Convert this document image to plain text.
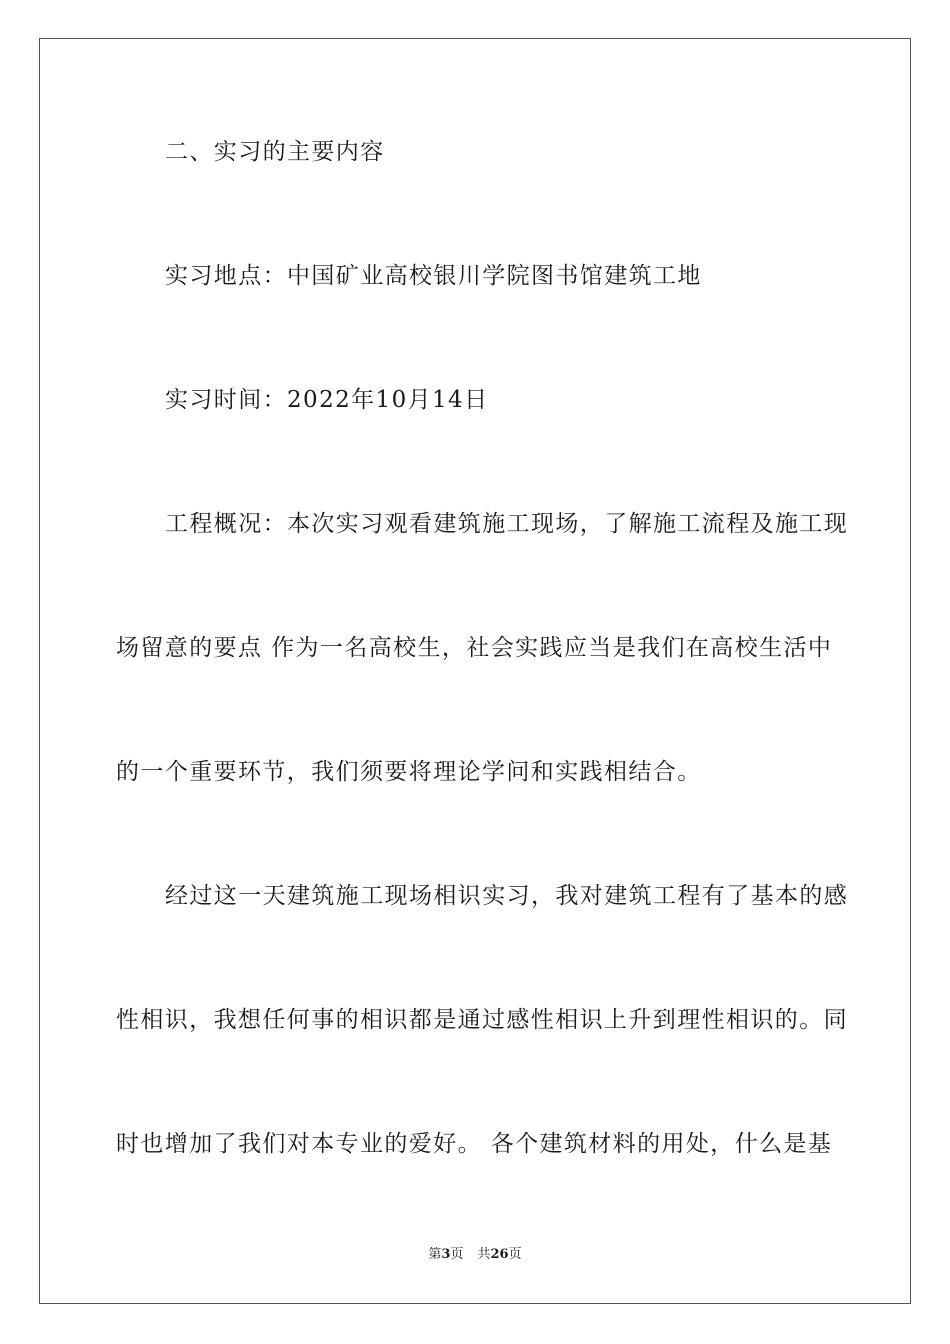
二、实习的主要内容
实习地点：中国矿业高校银川学院图书馆建筑工地
实习时间：2022年10月14日
工程概况：本次实习观看建筑施工现场，了解施工流程及施工现
场留意的要点 作为一名高校生，社会实践应当是我们在高校生活中
的一个重要环节，我们须要将理论学问和实践相结合。
经过这一天建筑施工现场相识实习，我对建筑工程有了基本的感
性相识，我想任何事的相识都是通过感性相识上升到理性相识的。同
时也增加了我们对本专业的爱好。 各个建筑材料的用处，什么是基
第3页 共26页
